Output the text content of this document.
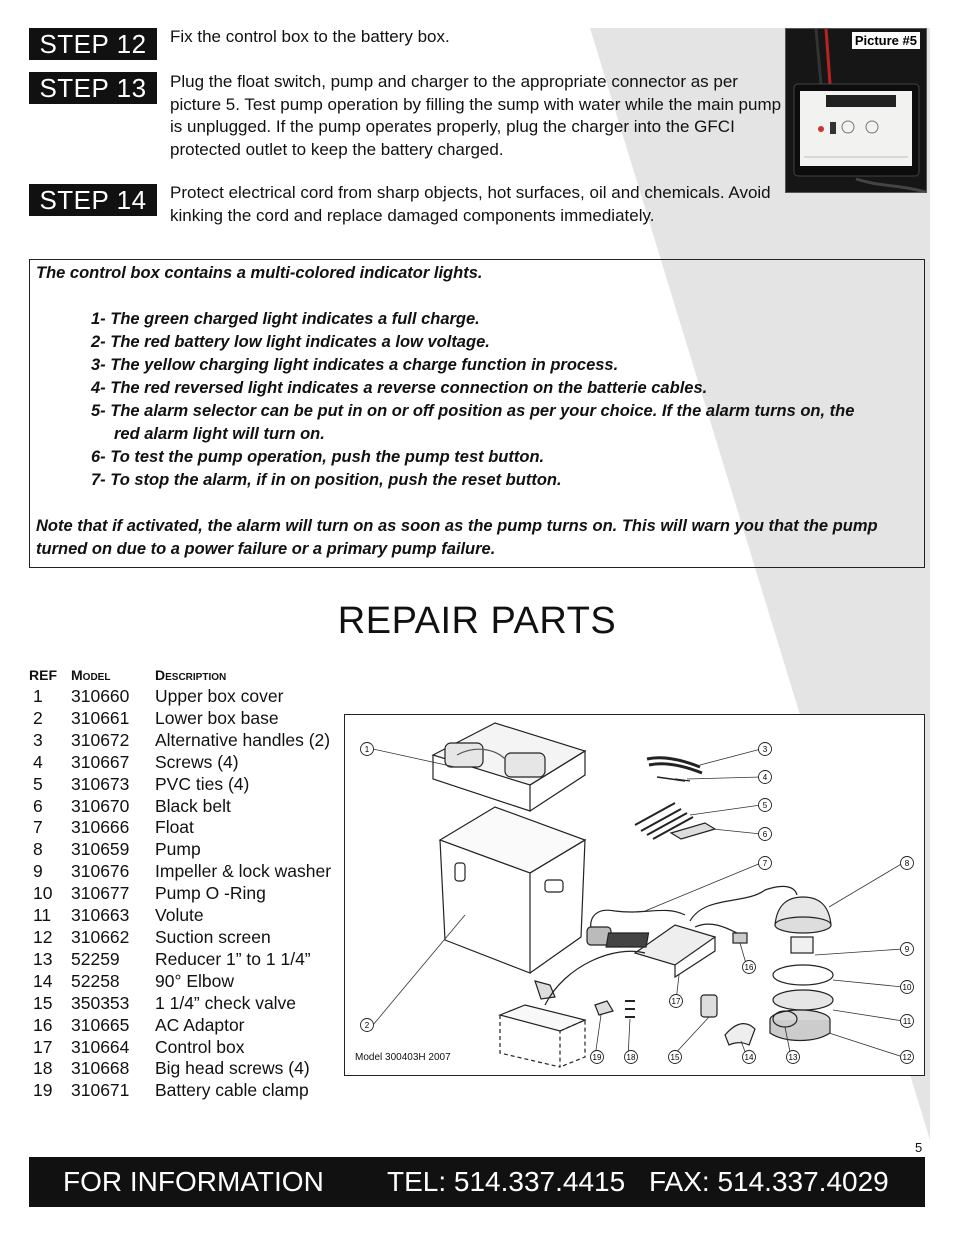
STEP 12	Fix the control box to the battery box.
STEP 13	Plug the float switch, pump and charger to the appropriate connector as per picture 5. Test pump operation by filling the sump with water while the main pump is unplugged. If the pump operates properly, plug the charger into the GFCI protected outlet to keep the battery charged.
STEP 14	Protect electrical cord from sharp objects, hot surfaces, oil and chemicals. Avoid kinking the cord and replace damaged components immediately.
Picture #5

The control box contains a multi-colored indicator lights.

1- The green charged light indicates a full charge.
2- The red battery low light indicates a low voltage.
3- The yellow charging light indicates a charge function in process.
4- The red reversed light indicates a reverse connection on the batterie cables.
5- The alarm selector can be put in on or off position as per your choice. If the alarm turns on, the red alarm light will turn on.
6- To test the pump operation, push the pump test button.
7- To stop the alarm, if in on position, push the reset button.

Note that if activated, the alarm will turn on as soon as the pump turns on. This will warn you that the pump turned on due to a power failure or a primary pump failure.

REPAIR PARTS
REF	Model	Description
1	310660	Upper box cover
2	310661	Lower box base
3	310672	Alternative handles (2)
4	310667	Screws (4)
5	310673	PVC ties (4)
6	310670	Black belt
7	310666	Float
8	310659	Pump
9	310676	Impeller & lock washer
10	310677	Pump O -Ring
11	310663	Volute
12	310662	Suction screen
13	52259	Reducer 1” to 1 1/4”
14	52258	90° Elbow
15	350353	1 1/4” check valve
16	310665	AC Adaptor
17	310664	Control box
18	310668	Big head screws (4)
19	310671	Battery cable clamp
1
2
3
4
5
6
7	8
9
10
11
12
13
14
15
16
17
18
19
Model 300403H 2007
5
FOR INFORMATION TEL: 514.337.4415 FAX: 514.337.4029
